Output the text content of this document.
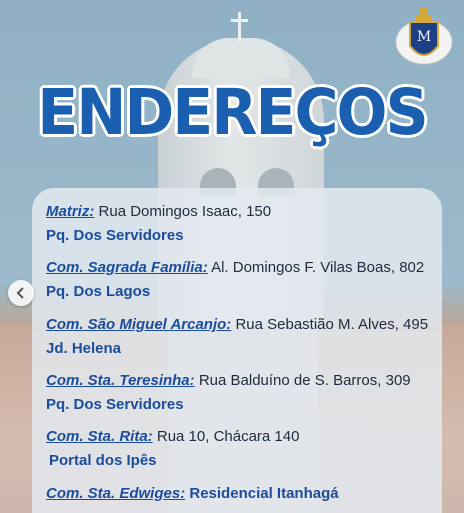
M
ENDEREÇOS
Matriz: Rua Domingos Isaac, 150
Pq. Dos Servidores
Com. Sagrada Família: Al. Domingos F. Vilas Boas, 802
Pq. Dos Lagos
Com. São Miguel Arcanjo: Rua Sebastião M. Alves, 495
Jd. Helena
Com. Sta. Teresinha: Rua Balduíno de S. Barros, 309
Pq. Dos Servidores
Com. Sta. Rita: Rua 10, Chácara 140
Portal dos Ipês
Com. Sta. Edwiges: Residencial Itanhagá
